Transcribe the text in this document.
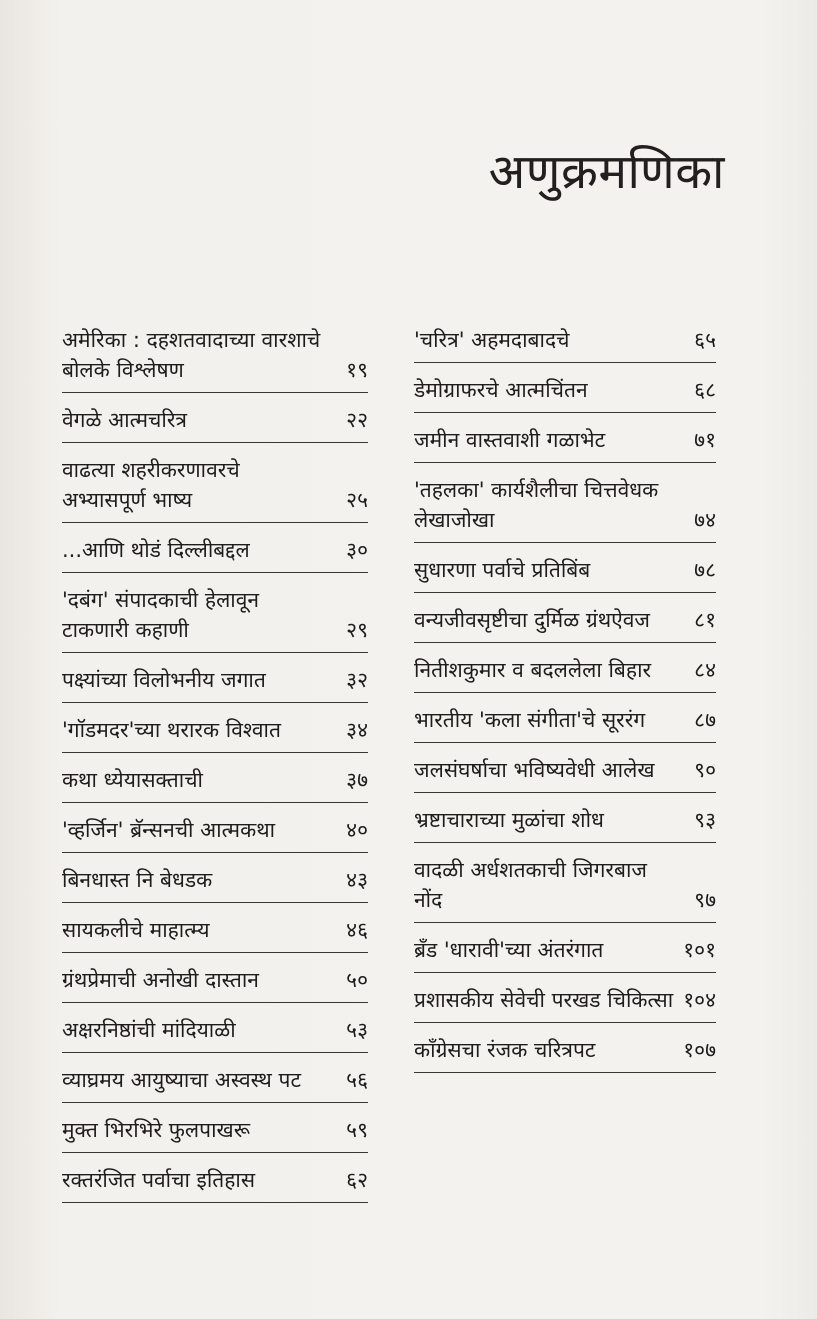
अणुक्रमणिका
अमेरिका : दहशतवादाच्या वारशाचे बोलके विश्लेषण	१९
वेगळे आत्मचरित्र	२२
वाढत्या शहरीकरणावरचे अभ्यासपूर्ण भाष्य	२५
...आणि थोडं दिल्लीबद्दल	३०
'दबंग' संपादकाची हेलावून टाकणारी कहाणी	२९
पक्ष्यांच्या विलोभनीय जगात	३२
'गॉडमदर'च्या थरारक विश्वात	३४
कथा ध्येयासक्ताची	३७
'व्हर्जिन' ब्रॅन्सनची आत्मकथा	४०
बिनधास्त नि बेधडक	४३
सायकलीचे माहात्म्य	४६
ग्रंथप्रेमाची अनोखी दास्तान	५०
अक्षरनिष्ठांची मांदियाळी	५३
व्याघ्रमय आयुष्याचा अस्वस्थ पट ५६
मुक्त भिरभिरे फुलपाखरू	५९
रक्तरंजित पर्वाचा इतिहास	६२
'चरित्र' अहमदाबादचे	६५
डेमोग्राफरचे आत्मचिंतन	६८
जमीन वास्तवाशी गळाभेट	७१
'तहलका' कार्यशैलीचा चित्तवेधक लेखाजोखा	७४
सुधारणा पर्वाचे प्रतिबिंब	७८
वन्यजीवसृष्टीचा दुर्मिळ ग्रंथऐवज ८१
नितीशकुमार व बदललेला बिहार ८४
भारतीय 'कला संगीता'चे सूररंग ८७
जलसंघर्षाचा भविष्यवेधी आलेख ९०
भ्रष्टाचाराच्या मुळांचा शोध	९३
वादळी अर्धशतकाची जिगरबाज नोंद	९७
ब्रँड 'धारावी'च्या अंतरंगात	१०१
प्रशासकीय सेवेची परखड चिकित्सा १०४
काँग्रेसचा रंजक चरित्रपट	१०७
